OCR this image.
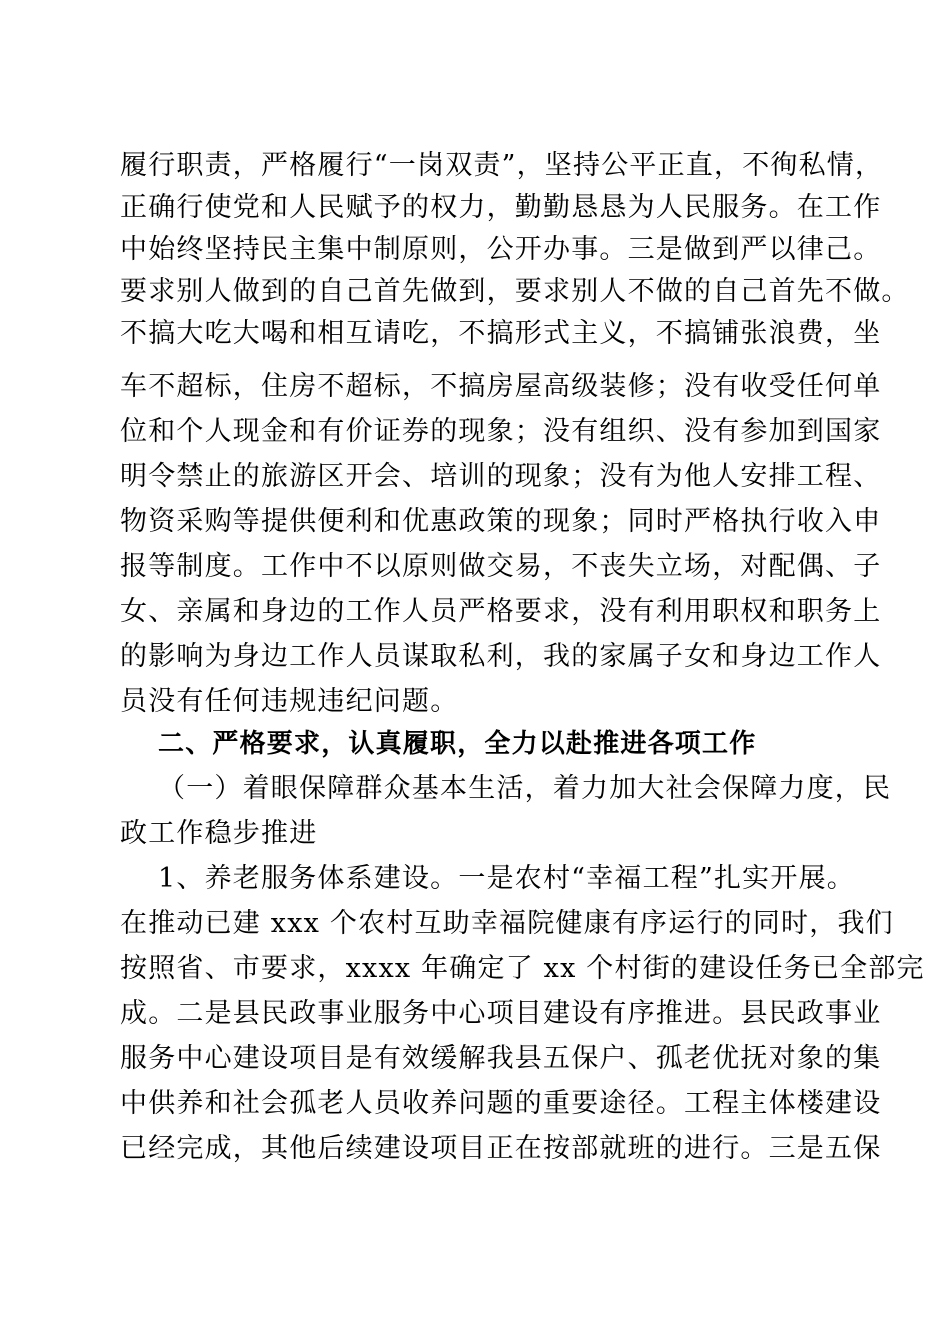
履行职责，严格履行“一岗双责”，坚持公平正直，不徇私情，
正确行使党和人民赋予的权力，勤勤恳恳为人民服务。在工作
中始终坚持民主集中制原则，公开办事。三是做到严以律己。
要求别人做到的自己首先做到，要求别人不做的自己首先不做。
不搞大吃大喝和相互请吃，不搞形式主义，不搞铺张浪费，坐
车不超标，住房不超标，不搞房屋高级装修；没有收受任何单
位和个人现金和有价证券的现象；没有组织、没有参加到国家
明令禁止的旅游区开会、培训的现象；没有为他人安排工程、
物资采购等提供便利和优惠政策的现象；同时严格执行收入申
报等制度。工作中不以原则做交易，不丧失立场，对配偶、子
女、亲属和身边的工作人员严格要求，没有利用职权和职务上
的影响为身边工作人员谋取私利，我的家属子女和身边工作人
员没有任何违规违纪问题。
二、严格要求，认真履职，全力以赴推进各项工作
（一）着眼保障群众基本生活，着力加大社会保障力度，民
政工作稳步推进
1、养老服务体系建设。一是农村“幸福工程”扎实开展。
在推动已建 xxx 个农村互助幸福院健康有序运行的同时，我们
按照省、市要求，xxxx 年确定了 xx 个村街的建设任务已全部完
成。二是县民政事业服务中心项目建设有序推进。县民政事业
服务中心建设项目是有效缓解我县五保户、孤老优抚对象的集
中供养和社会孤老人员收养问题的重要途径。工程主体楼建设
已经完成，其他后续建设项目正在按部就班的进行。三是五保
